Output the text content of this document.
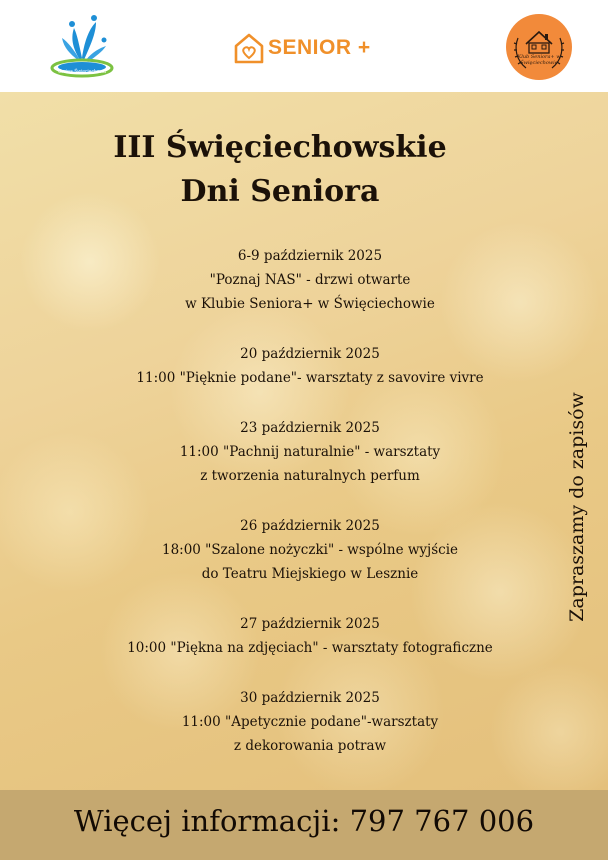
Gmina Święciechowa
SENIOR +	Klub Seniora+ w Święciechowie
III Święciechowskie
Dni Seniora
6-9 październik 2025
"Poznaj NAS" - drzwi otwarte
w Klubie Seniora+ w Święciechowie
20 październik 2025
11:00 "Pięknie podane"- warsztaty z savovire vivre
23 październik 2025
11:00 "Pachnij naturalnie" - warsztaty
z tworzenia naturalnych perfum
26 październik 2025
18:00 "Szalone nożyczki" - wspólne wyjście
do Teatru Miejskiego w Lesznie
27 październik 2025
10:00 "Piękna na zdjęciach" - warsztaty fotograficzne
30 październik 2025
11:00 "Apetycznie podane"-warsztaty
z dekorowania potraw
Zapraszamy do zapisów
Więcej informacji: 797 767 006
